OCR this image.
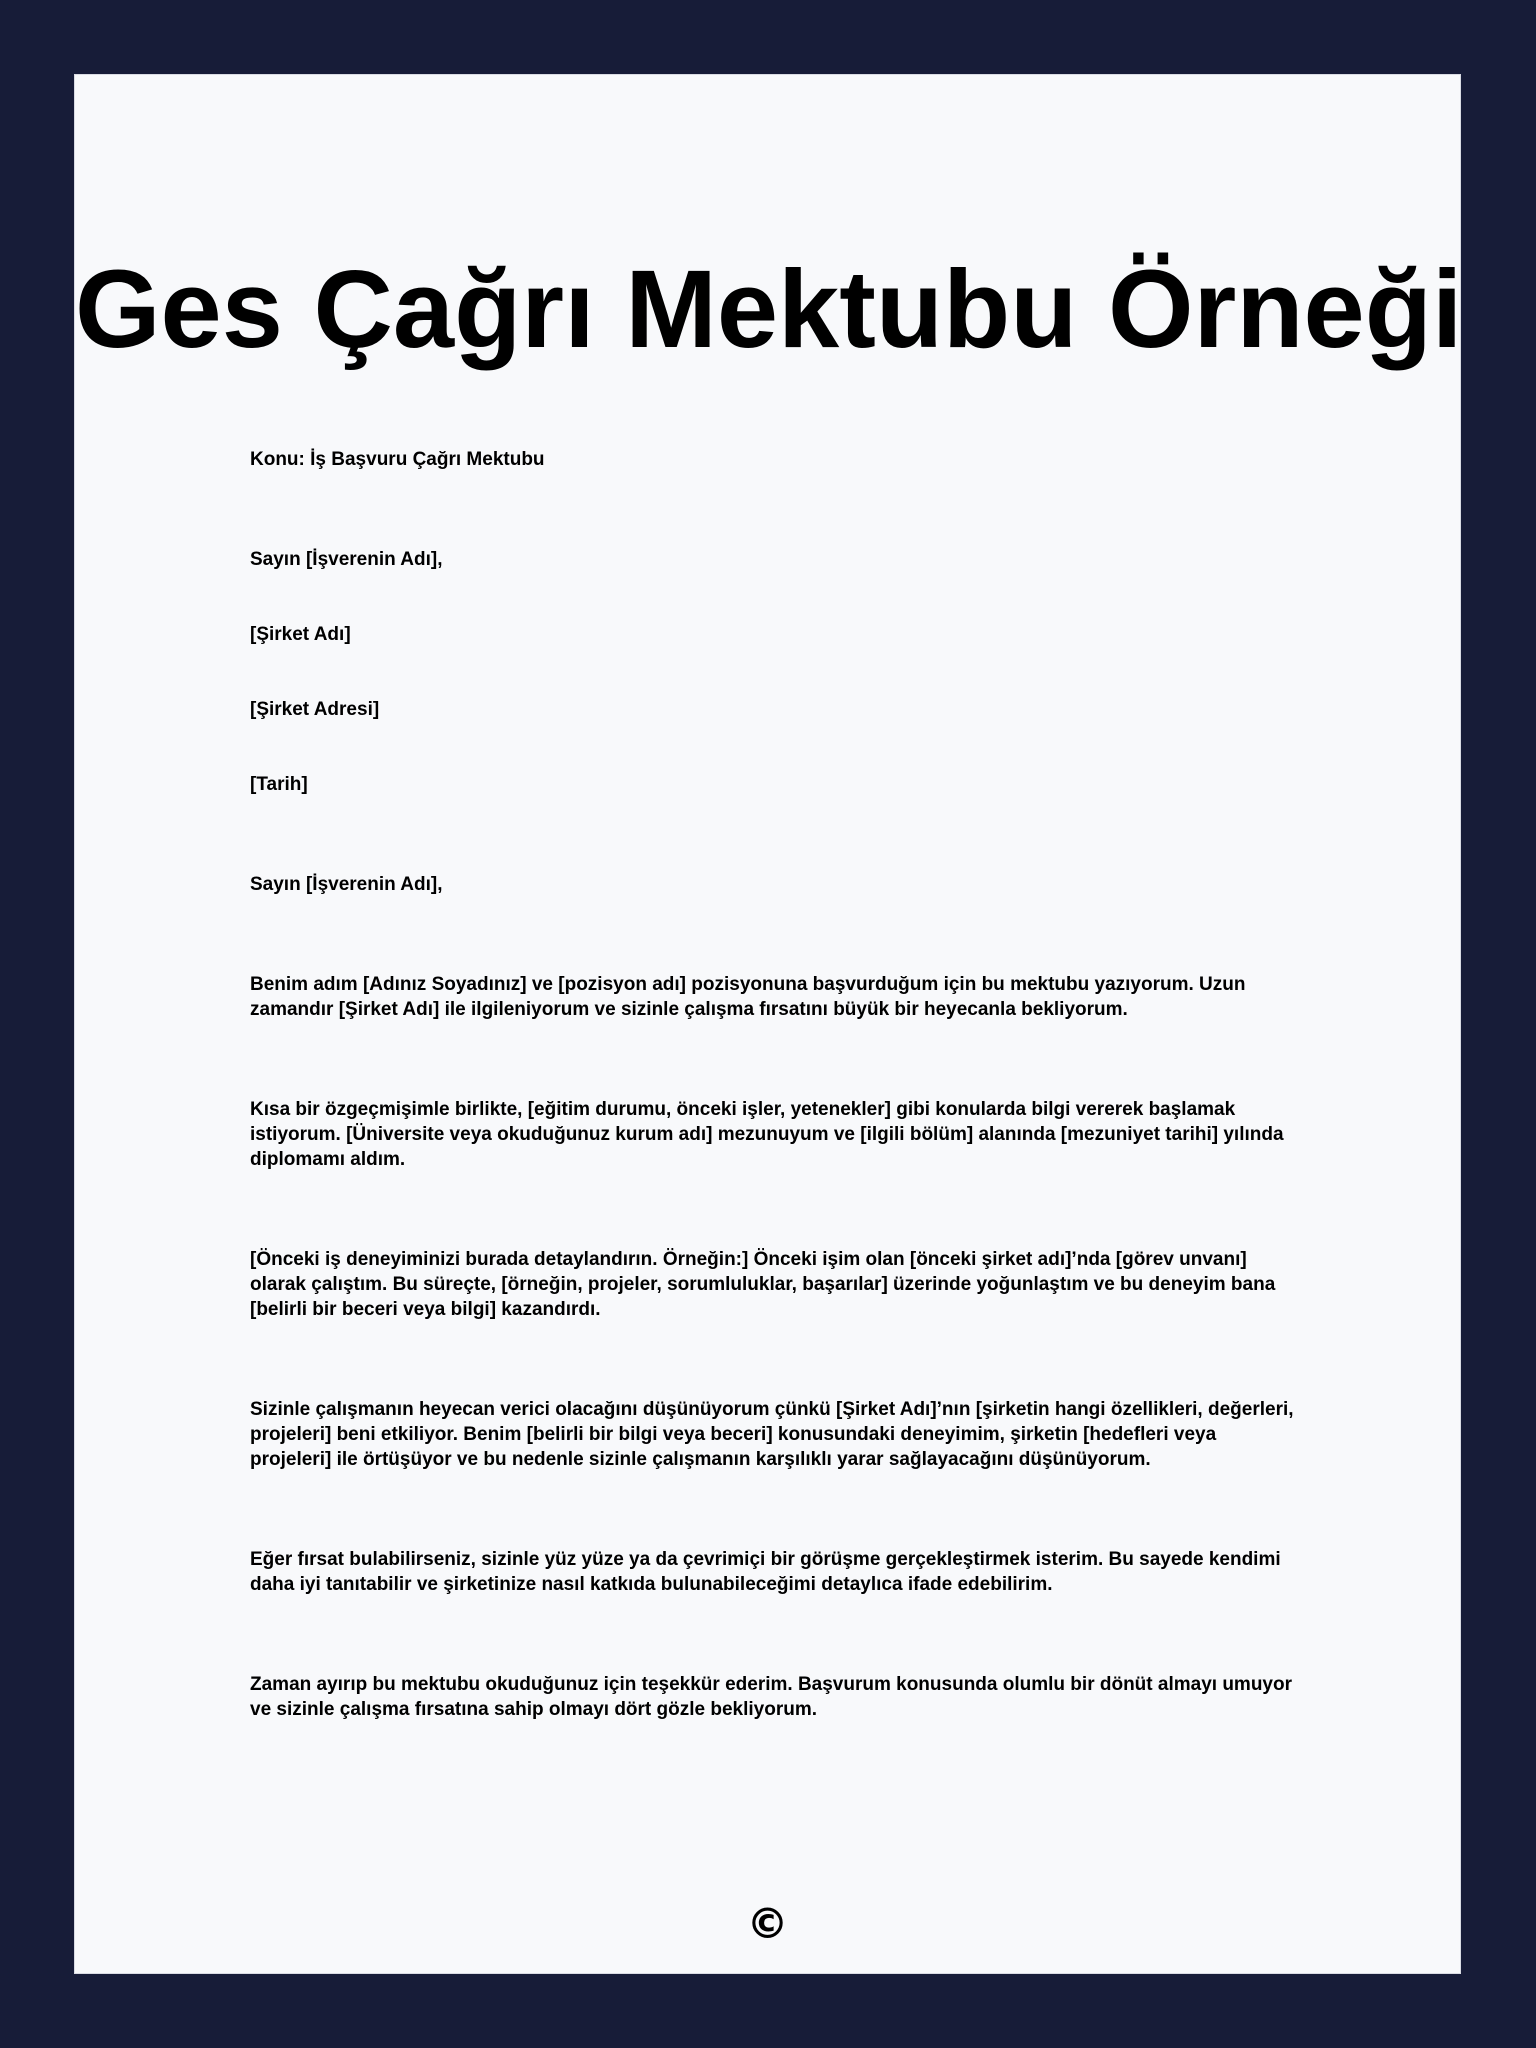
Ges Çağrı Mektubu Örneği

Konu: İş Başvuru Çağrı Mektubu

Sayın [İşverenin Adı],

[Şirket Adı]

[Şirket Adresi]

[Tarih]

Sayın [İşverenin Adı],

Benim adım [Adınız Soyadınız] ve [pozisyon adı] pozisyonuna başvurduğum için bu mektubu yazıyorum. Uzun zamandır [Şirket Adı] ile ilgileniyorum ve sizinle çalışma fırsatını büyük bir heyecanla bekliyorum.

Kısa bir özgeçmişimle birlikte, [eğitim durumu, önceki işler, yetenekler] gibi konularda bilgi vererek başlamak istiyorum. [Üniversite veya okuduğunuz kurum adı] mezunuyum ve [ilgili bölüm] alanında [mezuniyet tarihi] yılında diplomamı aldım.

[Önceki iş deneyiminizi burada detaylandırın. Örneğin:] Önceki işim olan [önceki şirket adı]’nda [görev unvanı] olarak çalıştım. Bu süreçte, [örneğin, projeler, sorumluluklar, başarılar] üzerinde yoğunlaştım ve bu deneyim bana [belirli bir beceri veya bilgi] kazandırdı.

Sizinle çalışmanın heyecan verici olacağını düşünüyorum çünkü [Şirket Adı]’nın [şirketin hangi özellikleri, değerleri, projeleri] beni etkiliyor. Benim [belirli bir bilgi veya beceri] konusundaki deneyimim, şirketin [hedefleri veya projeleri] ile örtüşüyor ve bu nedenle sizinle çalışmanın karşılıklı yarar sağlayacağını düşünüyorum.

Eğer fırsat bulabilirseniz, sizinle yüz yüze ya da çevrimiçi bir görüşme gerçekleştirmek isterim. Bu sayede kendimi daha iyi tanıtabilir ve şirketinize nasıl katkıda bulunabileceğimi detaylıca ifade edebilirim.

Zaman ayırıp bu mektubu okuduğunuz için teşekkür ederim. Başvurum konusunda olumlu bir dönüt almayı umuyor ve sizinle çalışma fırsatına sahip olmayı dört gözle bekliyorum.

©
